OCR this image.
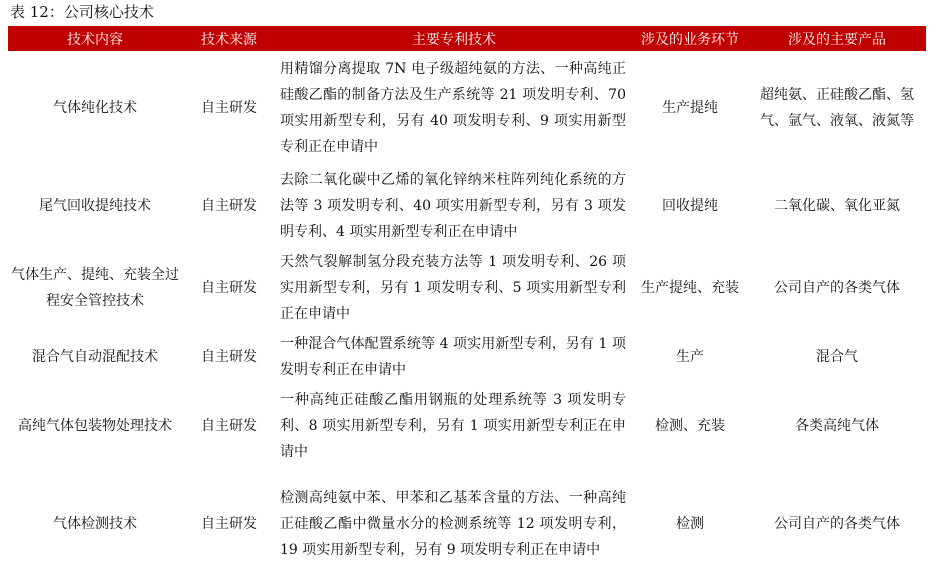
表 12：公司核心技术
技术内容	技术来源	主要专利技术	涉及的业务环节	涉及的主要产品
气体纯化技术	自主研发	用精馏分离提取 7N 电子级超纯氨的方法、一种高纯正硅酸乙酯的制备方法及生产系统等 21 项发明专利、70 项实用新型专利，另有 40 项发明专利、9 项实用新型专利正在申请中	生产提纯	超纯氨、正硅酸乙酯、氢气、氩气、液氧、液氮等
尾气回收提纯技术	自主研发	去除二氧化碳中乙烯的氧化锌纳米柱阵列纯化系统的方法等 3 项发明专利、40 项实用新型专利，另有 3 项发明专利、4 项实用新型专利正在申请中	回收提纯	二氧化碳、氧化亚氮
气体生产、提纯、充装全过程安全管控技术	自主研发	天然气裂解制氢分段充装方法等 1 项发明专利、26 项实用新型专利，另有 1 项发明专利、5 项实用新型专利正在申请中	生产提纯、充装	公司自产的各类气体
混合气自动混配技术	自主研发	一种混合气体配置系统等 4 项实用新型专利，另有 1 项发明专利正在申请中	生产	混合气
高纯气体包装物处理技术	自主研发	一种高纯正硅酸乙酯用钢瓶的处理系统等 3 项发明专利、8 项实用新型专利，另有 1 项实用新型专利正在申请中	检测、充装	各类高纯气体
气体检测技术	自主研发	检测高纯氨中苯、甲苯和乙基苯含量的方法、一种高纯正硅酸乙酯中微量水分的检测系统等 12 项发明专利，19 项实用新型专利，另有 9 项发明专利正在申请中	检测	公司自产的各类气体
